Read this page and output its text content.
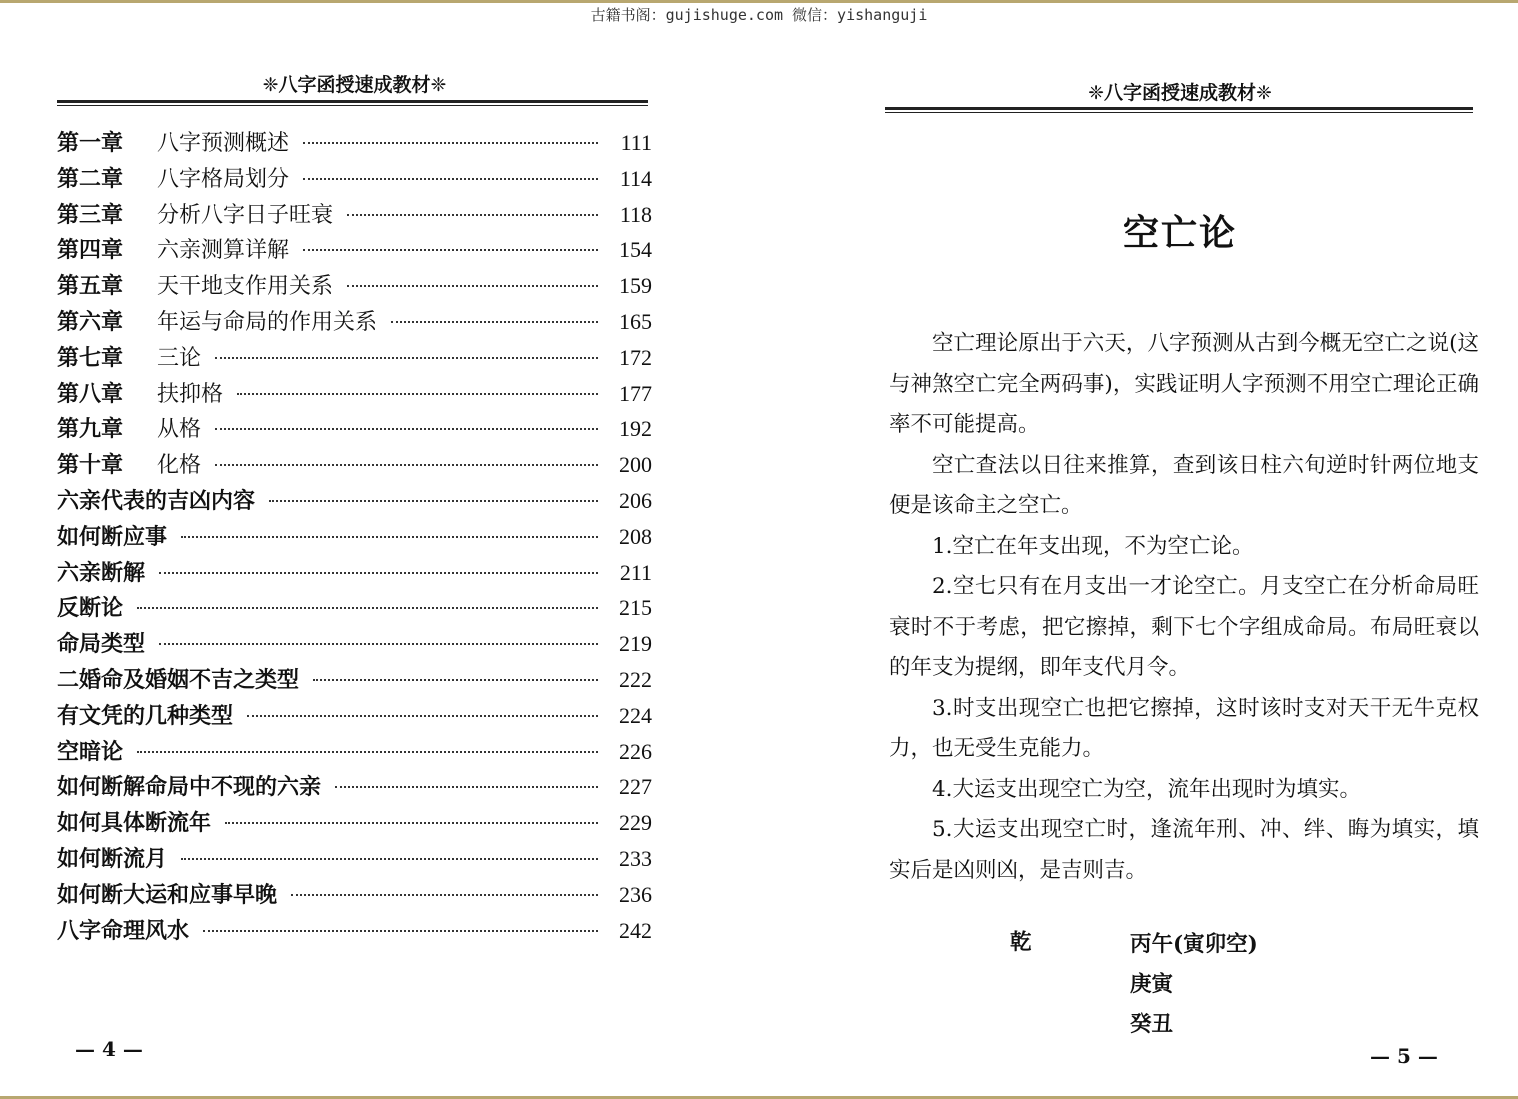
古籍书阁：gujishuge.com 微信：yishanguji
❈八字函授速成教材❈
第一章	八字预测概述	111
第二章	八字格局划分	114
第三章	分析八字日子旺衰	118
第四章	六亲测算详解	154
第五章	天干地支作用关系	159
第六章	年运与命局的作用关系	165
第七章	三论	172
第八章	扶抑格	177
第九章	从格	192
第十章	化格	200
六亲代表的吉凶内容	206
如何断应事	208
六亲断解	211
反断论	215
命局类型	219
二婚命及婚姻不吉之类型	222
有文凭的几种类型	224
空暗论	226
如何断解命局中不现的六亲	227
如何具体断流年	229
如何断流月	233
如何断大运和应事早晚	236
八字命理风水	242
— 4 —
❈八字函授速成教材❈
空亡论

空亡理论原出于六天，八字预测从古到今概无空亡之说(这与神煞空亡完全两码事)，实践证明人字预测不用空亡理论正确率不可能提高。

空亡查法以日往来推算，查到该日柱六旬逆时针两位地支便是该命主之空亡。

1.空亡在年支出现，不为空亡论。

2.空七只有在月支出一才论空亡。月支空亡在分析命局旺衰时不于考虑，把它擦掉，剩下七个字组成命局。布局旺衰以的年支为提纲，即年支代月令。

3.时支出现空亡也把它擦掉，这时该时支对天干无牛克权力，也无受生克能力。

4.大运支出现空亡为空，流年出现时为填实。

5.大运支出现空亡时，逢流年刑、冲、绊、晦为填实，填实后是凶则凶，是吉则吉。

乾	丙午(寅卯空)
庚寅
癸丑
— 5 —
